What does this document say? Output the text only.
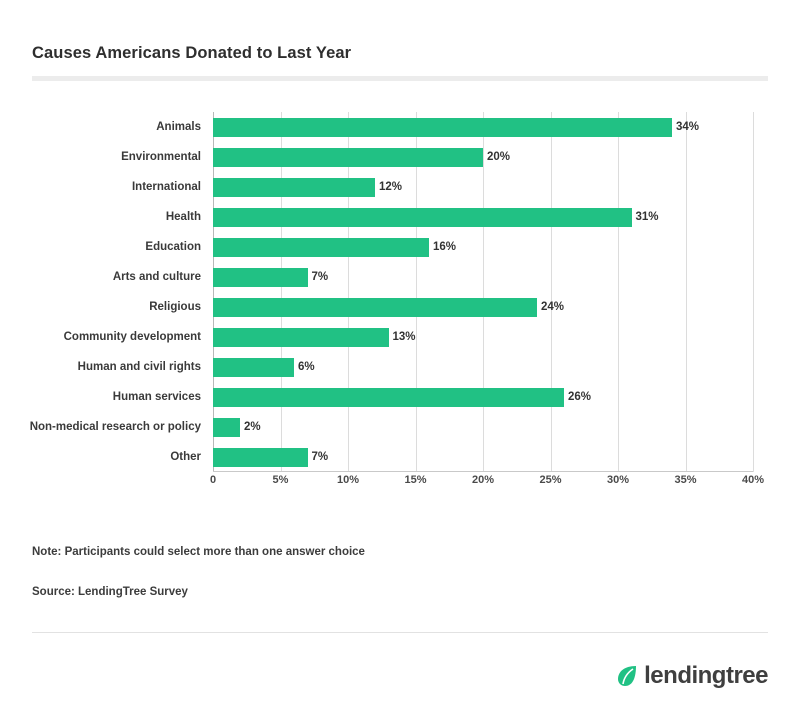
Causes Americans Donated to Last Year
Animals	34%
Environmental	20%
International	12%
Health	31%
Education	16%
Arts and culture	7%
Religious	24%
Community development	13%
Human and civil rights	6%
Human services	26%
Non-medical research or policy	2%
Other	7%
0	5%	10%	15%	20%	25%	30%	35%	40%
Note: Participants could select more than one answer choice
Source: LendingTree Survey
lendingtree
